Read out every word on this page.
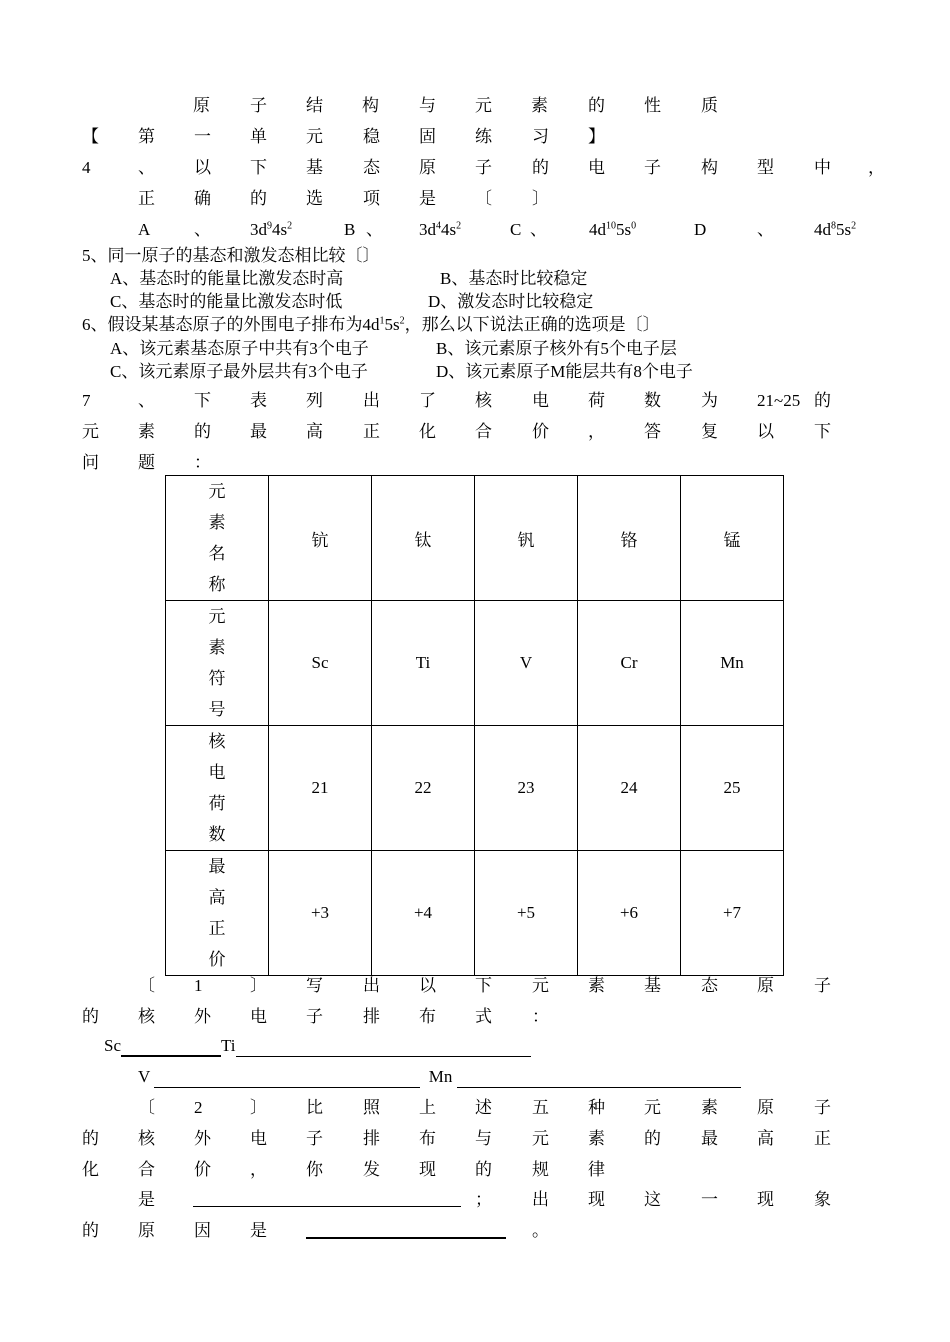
原 子 结 构 与 元 素 的 性 质
【 第 一 单 元 稳 固 练 习 】
4	、 以 下 基 态 原 子 的 电 子 构 型 中 ，
正 确 的 选 项 是 〔 〕
A	、 $3d^94s^2$	B 、 $3d^44s^2$	C 、 $4d^{10}5s^0$	D	、 $4d^85s^2$
5、同一原子的基态和激发态相比较〔〕
A、基态时的能量比激发态时高	B、基态时比较稳定
C、基态时的能量比激发态时低	D、激发态时比较稳定
6、假设某基态原子的外围电子排布为$4d^15s^2$，那么以下说法正确的选项是〔〕
A、该元素基态原子中共有3个电子	B、该元素原子核外有5个电子层
C、该元素原子最外层共有3个电子	D、该元素原子M能层共有8个电子
7	、 下 表 列 出 了 核 电 荷 数 为 21~25 的
元 素 的 最 高 正 化 合 价 ， 答 复 以 下
问 题 ：
元
素
名
称	钪	钛	钒	铬	锰

元
素
符
号	Sc	Ti	V	Cr	Mn

核
电
荷
数	21	22	23	24	25

最
高
正
价	+3	+4	+5	+6	+7
〔 1	〕 写 出 以 下 元 素 基 态 原 子
的 核 外 电 子 排 布 式 ：
Sc	Ti
V	Mn
〔 2	〕 比 照 上 述 五 种 元 素 原 子
的 核 外 电 子 排 布 与 元 素 的 最 高 正
化 合 价 ， 你 发 现 的 规 律
是	； 出 现 这 一 现 象
的 原 因 是	。
